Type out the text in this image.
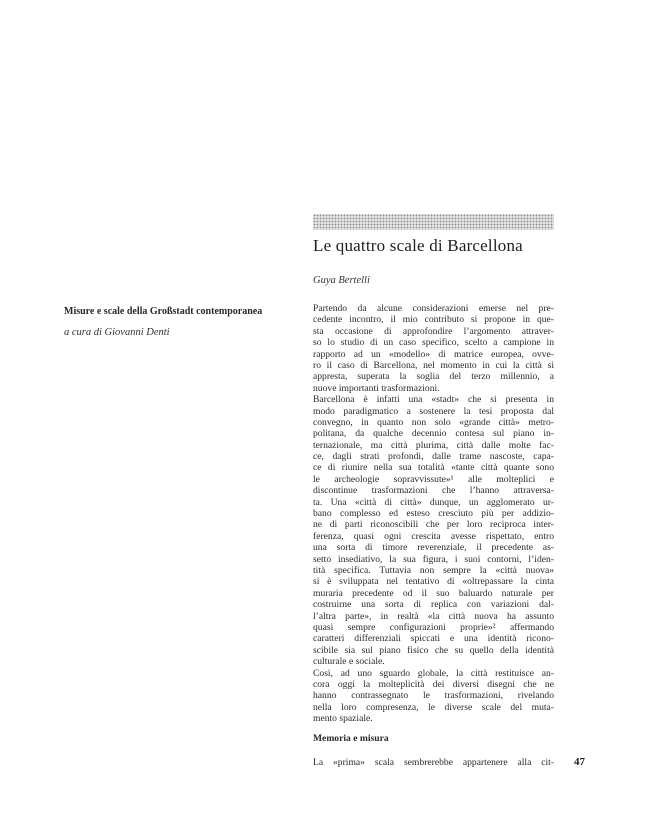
Le quattro scale di Barcellona

Guya Bertelli

Misure e scale della Großstadt contemporanea

a cura di Giovanni Denti

Partendo da alcune considerazioni emerse nel pre-
cedente incontro, il mio contributo si propone in que-
sta occasione di approfondire l’argomento attraver-
so lo studio di un caso specifico, scelto a campione in
rapporto ad un «modello» di matrice europea, ovve-
ro il caso di Barcellona, nel momento in cui la città si
appresta, superata la soglia del terzo millennio, a
nuove importanti trasformazioni.
Barcellona è infatti una «stadt» che si presenta in
modo paradigmatico a sostenere la tesi proposta dal
convegno, in quanto non solo «grande città» metro-
politana, da qualche decennio contesa sul piano in-
ternazionale, ma città plurima, città dalle molte fac-
ce, dagli strati profondi, dalle trame nascoste, capa-
ce di riunire nella sua totalità «tante città quante sono
le archeologie sopravvissute»¹ alle molteplici e
discontinue trasformazioni che l’hanno attraversa-
ta. Una «città di città» dunque, un agglomerato ur-
bano complesso ed esteso cresciuto più per addizio-
ne di parti riconoscibili che per loro reciproca inter-
ferenza, quasi ogni crescita avesse rispettato, entro
una sorta di timore reverenziale, il precedente as-
setto insediativo, la sua figura, i suoi contorni, l’iden-
tità specifica. Tuttavia non sempre la «città nuova»
si è sviluppata nel tentativo di «oltrepassare la cinta
muraria precedente od il suo baluardo naturale per
costruirne una sorta di replica con variazioni dal-
l’altra parte», in realtà «la città nuova ha assunto
quasi sempre configurazioni proprie»² affermando
caratteri differenziali spiccati e una identità ricono-
scibile sia sul piano fisico che su quello della identità
culturale e sociale.
Così, ad uno sguardo globale, la città restituisce an-
cora oggi la molteplicità dei diversi disegni che ne
hanno contrassegnato le trasformazioni, rivelando
nella loro compresenza, le diverse scale del muta-
mento spaziale.

Memoria e misura

La «prima» scala sembrerebbe appartenere alla cit- 47
